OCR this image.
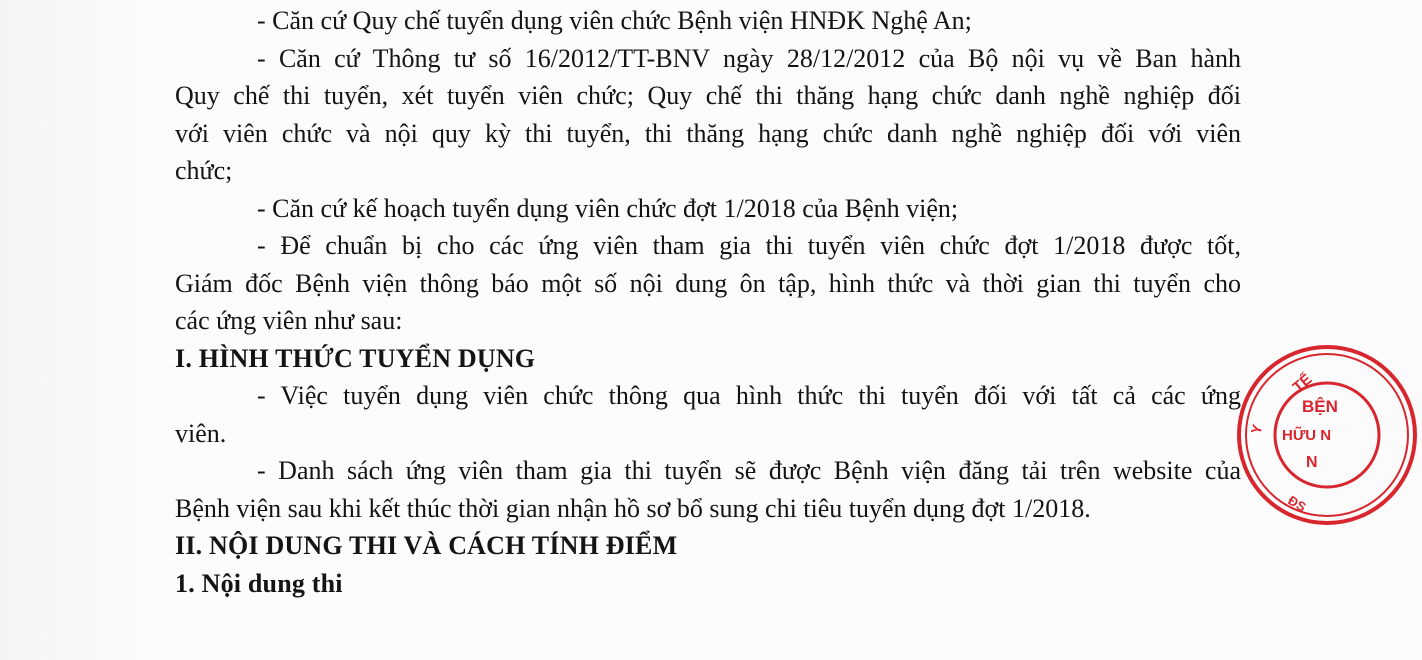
- Căn cứ Quy chế tuyển dụng viên chức Bệnh viện HNĐK Nghệ An;
- Căn cứ Thông tư số 16/2012/TT-BNV ngày 28/12/2012 của Bộ nội vụ về Ban hành
Quy chế thi tuyển, xét tuyển viên chức; Quy chế thi thăng hạng chức danh nghề nghiệp đối
với viên chức và nội quy kỳ thi tuyển, thi thăng hạng chức danh nghề nghiệp đối với viên
chức;
- Căn cứ kế hoạch tuyển dụng viên chức đợt 1/2018 của Bệnh viện;
- Để chuẩn bị cho các ứng viên tham gia thi tuyển viên chức đợt 1/2018 được tốt,
Giám đốc Bệnh viện thông báo một số nội dung ôn tập, hình thức và thời gian thi tuyển cho
các ứng viên như sau:
I. HÌNH THỨC TUYỂN DỤNG
- Việc tuyển dụng viên chức thông qua hình thức thi tuyển đối với tất cả các ứng
viên.
- Danh sách ứng viên tham gia thi tuyển sẽ được Bệnh viện đăng tải trên website của
Bệnh viện sau khi kết thúc thời gian nhận hồ sơ bổ sung chi tiêu tuyển dụng đợt 1/2018.
II. NỘI DUNG THI VÀ CÁCH TÍNH ĐIỂM
1. Nội dung thi
TẾ
Y
BỆN
HỮU N
N
ĐS
